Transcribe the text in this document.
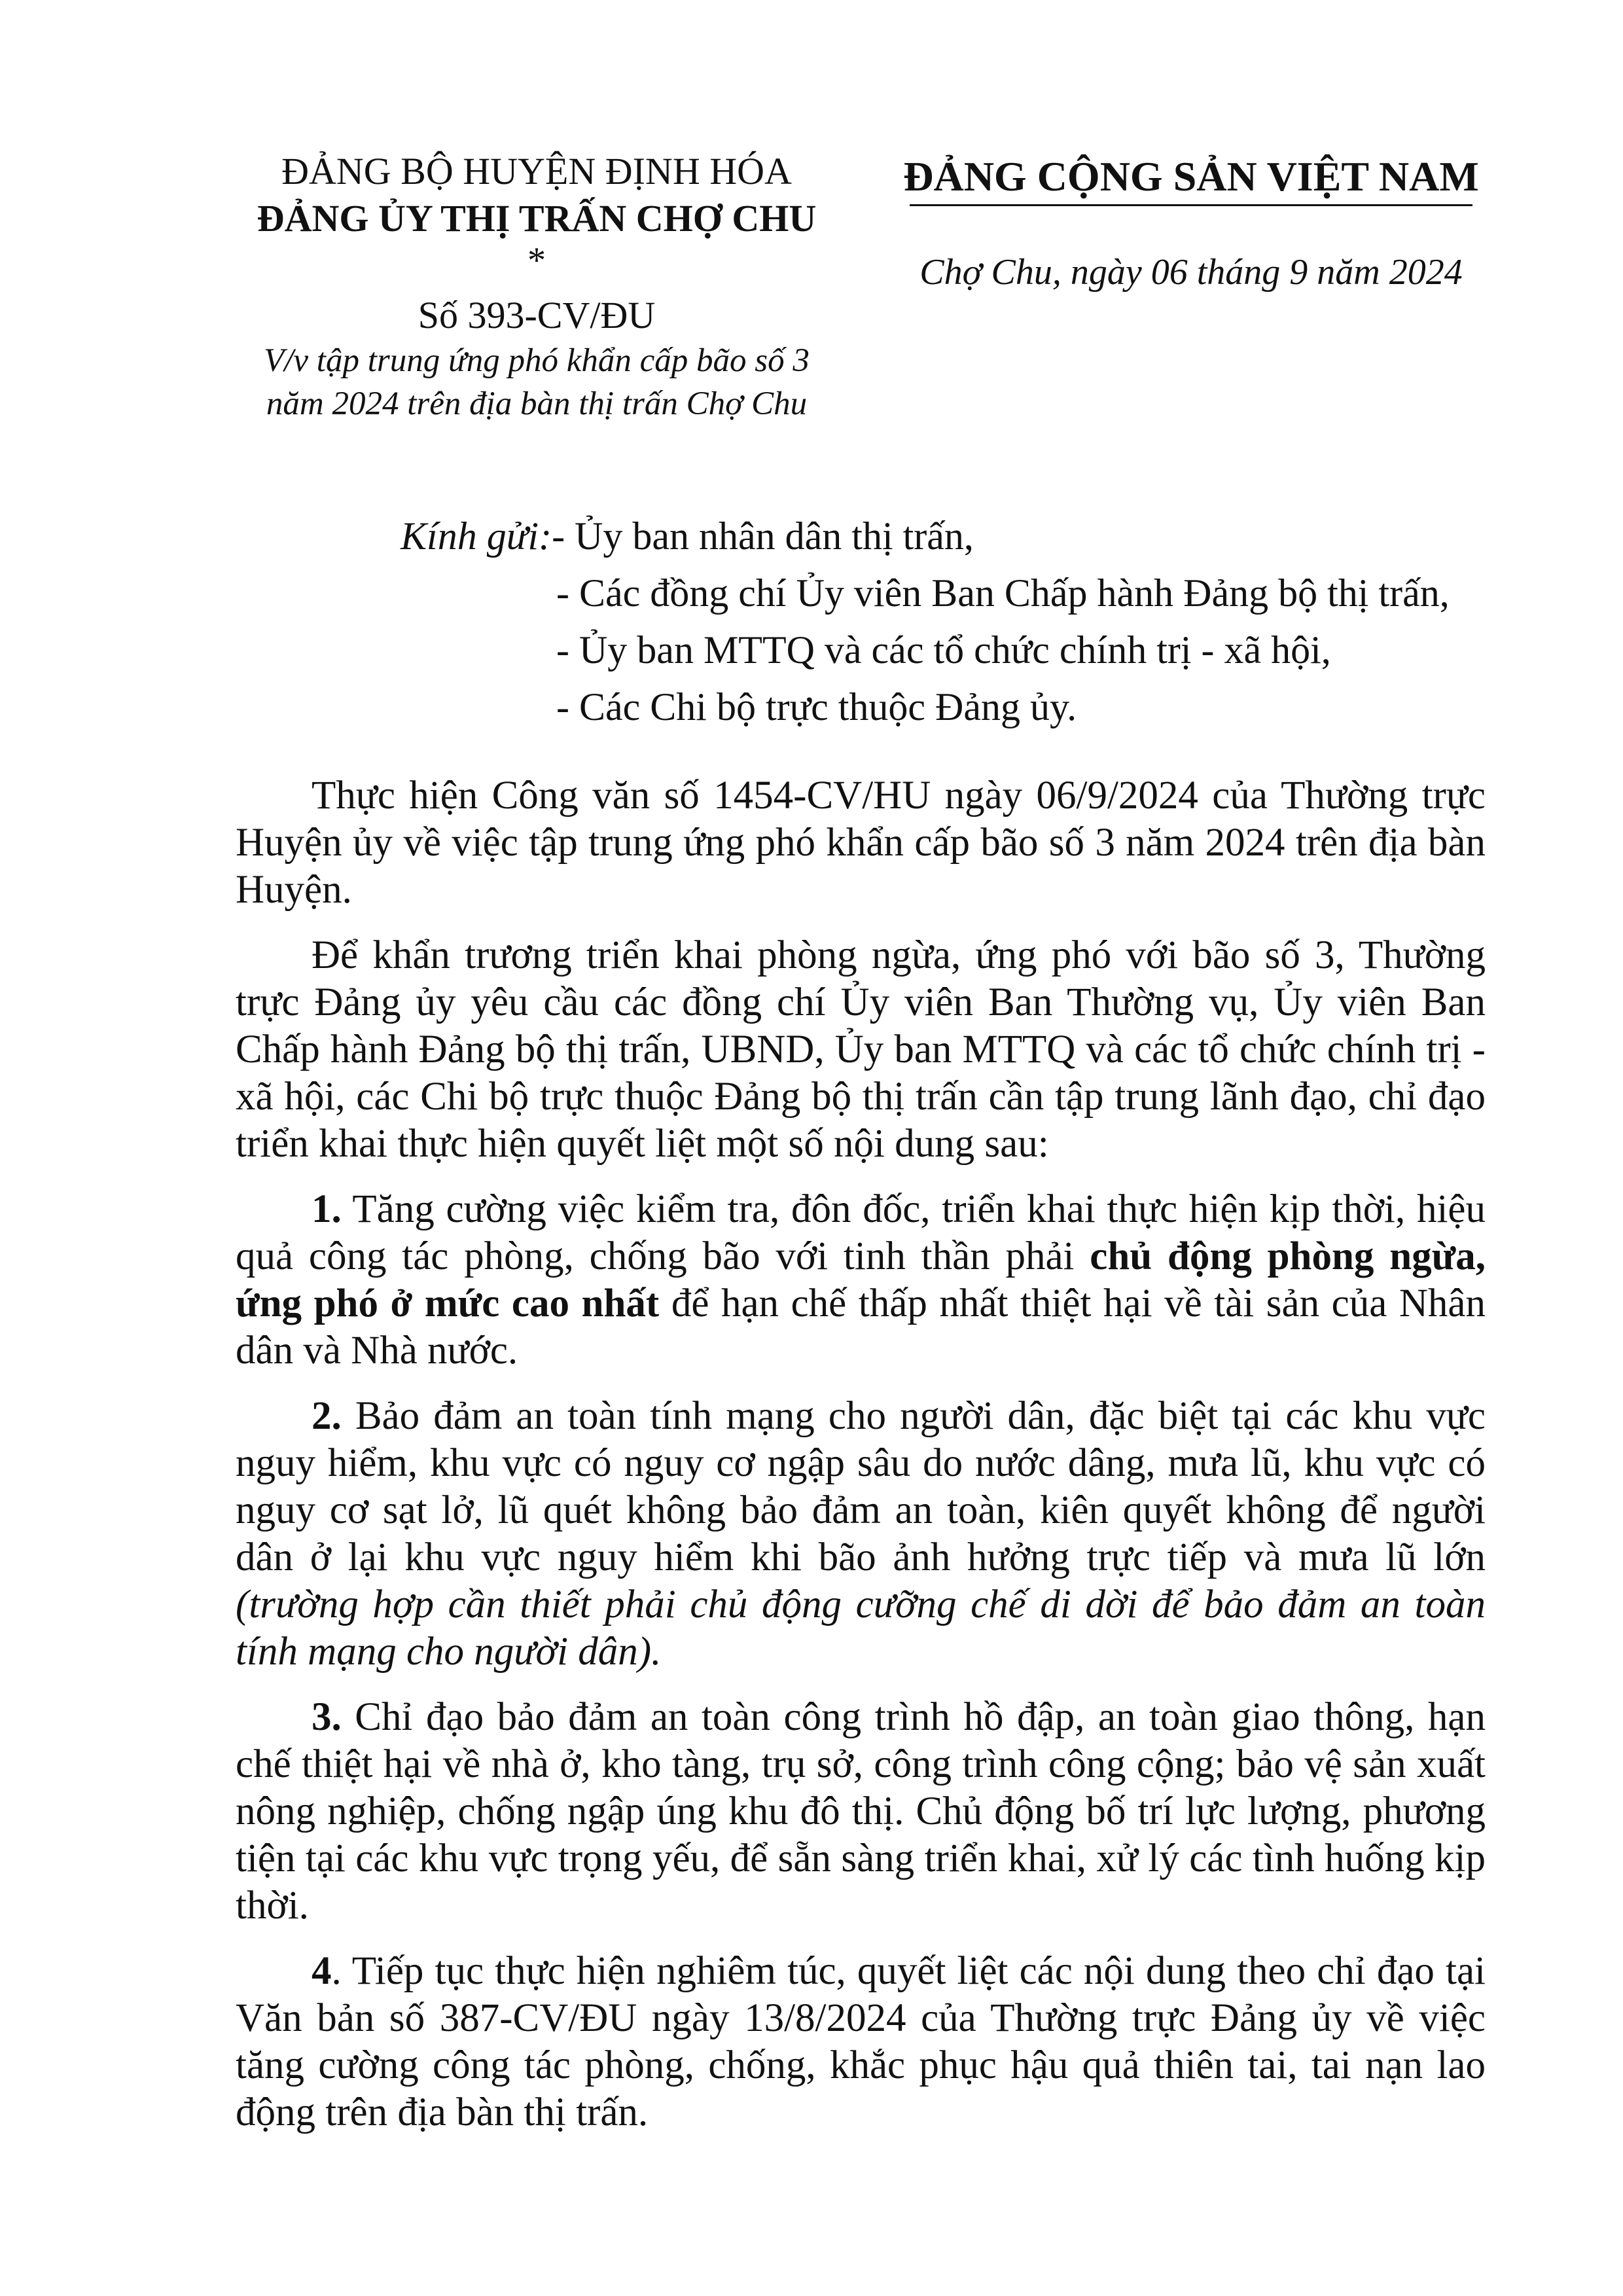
ĐẢNG BỘ HUYỆN ĐỊNH HÓA
ĐẢNG ỦY THỊ TRẤN CHỢ CHU
*
Số 393-CV/ĐU
V/v tập trung ứng phó khẩn cấp bão số 3
năm 2024 trên địa bàn thị trấn Chợ Chu
ĐẢNG CỘNG SẢN VIỆT NAM
Chợ Chu, ngày 06 tháng 9 năm 2024
Kính gửi:- Ủy ban nhân dân thị trấn,
- Các đồng chí Ủy viên Ban Chấp hành Đảng bộ thị trấn,
- Ủy ban MTTQ và các tổ chức chính trị - xã hội,
- Các Chi bộ trực thuộc Đảng ủy.

Thực hiện Công văn số 1454-CV/HU ngày 06/9/2024 của Thường trực Huyện ủy về việc tập trung ứng phó khẩn cấp bão số 3 năm 2024 trên địa bàn Huyện.

Để khẩn trương triển khai phòng ngừa, ứng phó với bão số 3, Thường trực Đảng ủy yêu cầu các đồng chí Ủy viên Ban Thường vụ, Ủy viên Ban Chấp hành Đảng bộ thị trấn, UBND, Ủy ban MTTQ và các tổ chức chính trị - xã hội, các Chi bộ trực thuộc Đảng bộ thị trấn cần tập trung lãnh đạo, chỉ đạo triển khai thực hiện quyết liệt một số nội dung sau:

1. Tăng cường việc kiểm tra, đôn đốc, triển khai thực hiện kịp thời, hiệu quả công tác phòng, chống bão với tinh thần phải chủ động phòng ngừa, ứng phó ở mức cao nhất để hạn chế thấp nhất thiệt hại về tài sản của Nhân dân và Nhà nước.

2. Bảo đảm an toàn tính mạng cho người dân, đặc biệt tại các khu vực nguy hiểm, khu vực có nguy cơ ngập sâu do nước dâng, mưa lũ, khu vực có nguy cơ sạt lở, lũ quét không bảo đảm an toàn, kiên quyết không để người dân ở lại khu vực nguy hiểm khi bão ảnh hưởng trực tiếp và mưa lũ lớn (trường hợp cần thiết phải chủ động cưỡng chế di dời để bảo đảm an toàn tính mạng cho người dân).

3. Chỉ đạo bảo đảm an toàn công trình hồ đập, an toàn giao thông, hạn chế thiệt hại về nhà ở, kho tàng, trụ sở, công trình công cộng; bảo vệ sản xuất nông nghiệp, chống ngập úng khu đô thị. Chủ động bố trí lực lượng, phương tiện tại các khu vực trọng yếu, để sẵn sàng triển khai, xử lý các tình huống kịp thời.

4. Tiếp tục thực hiện nghiêm túc, quyết liệt các nội dung theo chỉ đạo tại Văn bản số 387-CV/ĐU ngày 13/8/2024 của Thường trực Đảng ủy về việc tăng cường công tác phòng, chống, khắc phục hậu quả thiên tai, tai nạn lao động trên địa bàn thị trấn.
